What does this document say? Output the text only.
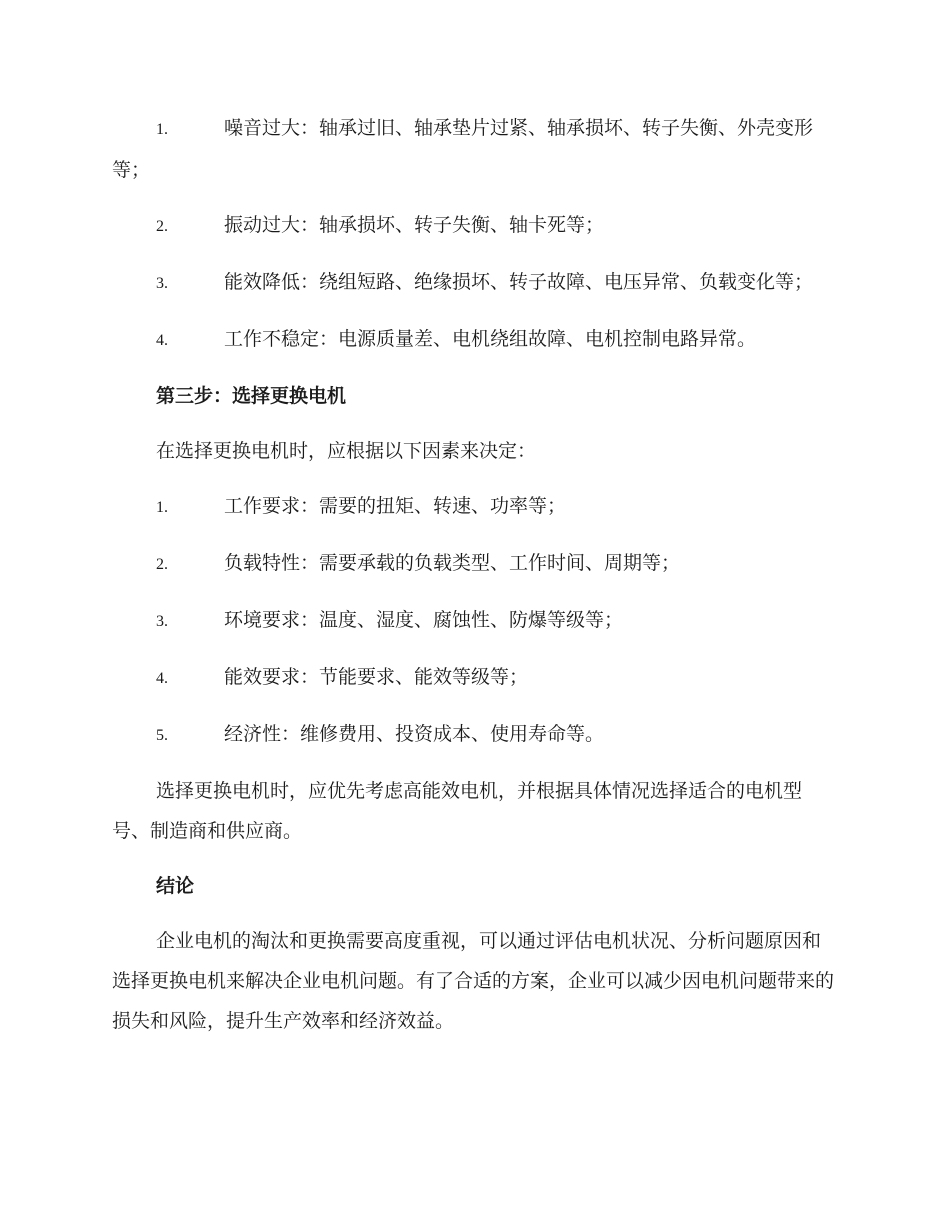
1.	噪音过大：轴承过旧、轴承垫片过紧、轴承损坏、转子失衡、外壳变形等；
2.	振动过大：轴承损坏、转子失衡、轴卡死等；
3.	能效降低：绕组短路、绝缘损坏、转子故障、电压异常、负载变化等；
4.	工作不稳定：电源质量差、电机绕组故障、电机控制电路异常。
第三步：选择更换电机
在选择更换电机时，应根据以下因素来决定：
1.	工作要求：需要的扭矩、转速、功率等；
2.	负载特性：需要承载的负载类型、工作时间、周期等；
3.	环境要求：温度、湿度、腐蚀性、防爆等级等；
4.	能效要求：节能要求、能效等级等；
5.	经济性：维修费用、投资成本、使用寿命等。
选择更换电机时，应优先考虑高能效电机，并根据具体情况选择适合的电机型号、制造商和供应商。
结论
企业电机的淘汰和更换需要高度重视，可以通过评估电机状况、分析问题原因和选择更换电机来解决企业电机问题。有了合适的方案，企业可以减少因电机问题带来的损失和风险，提升生产效率和经济效益。
